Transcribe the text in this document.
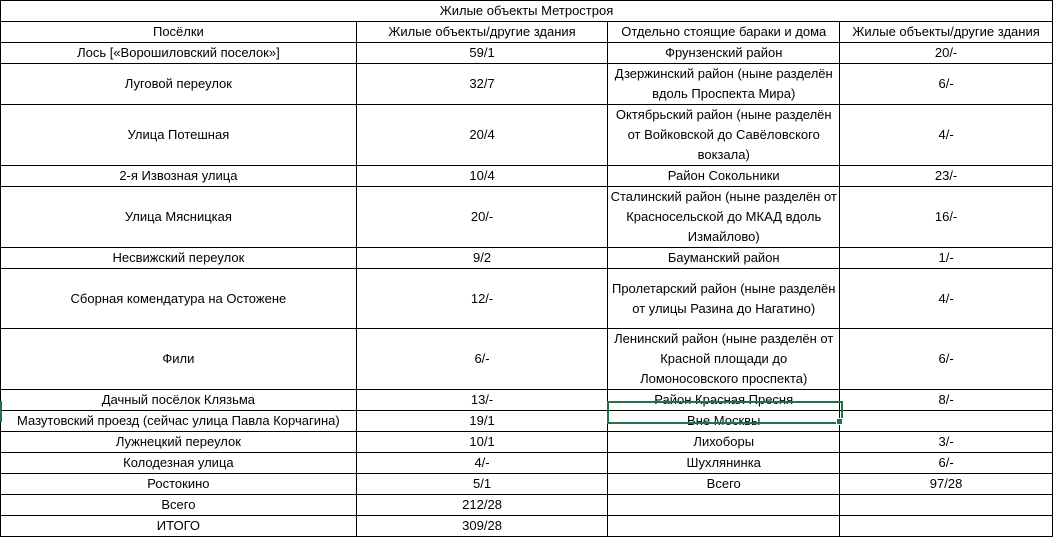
Жилые объекты Метростроя			
Посёлки	Жилые объекты/другие здания	Отдельно стоящие бараки и дома	Жилые объекты/другие здания
Лось [«Ворошиловский поселок»]	59/1	Фрунзенский район	20/-
Луговой переулок	32/7	Дзержинский район (ныне разделён вдоль Проспекта Мира)	6/-
Улица Потешная	20/4	Октябрьский район (ныне разделён от Войковской до Савёловского вокзала)	4/-
2-я Извозная улица	10/4	Район Сокольники	23/-
Улица Мясницкая	20/-	Сталинский район (ныне разделён от Красносельской до МКАД вдоль Измайлово)	16/-
Несвижский переулок	9/2	Бауманский район	1/-
Сборная комендатура на Остожене	12/-	Пролетарский район (ныне разделён от улицы Разина до Нагатино)	4/-
Фили	6/-	Ленинский район (ныне разделён от Красной площади до Ломоносовского проспекта)	6/-
Дачный посёлок Клязьма	13/-	Район Красная Пресня	8/-
Мазутовский проезд (сейчас улица Павла Корчагина)	19/1	Вне Москвы	
Лужнецкий переулок	10/1	Лихоборы	3/-
Колодезная улица	4/-	Шухлянинка	6/-
Ростокино	5/1	Всего	97/28
Всего	212/28		
ИТОГО	309/28		
